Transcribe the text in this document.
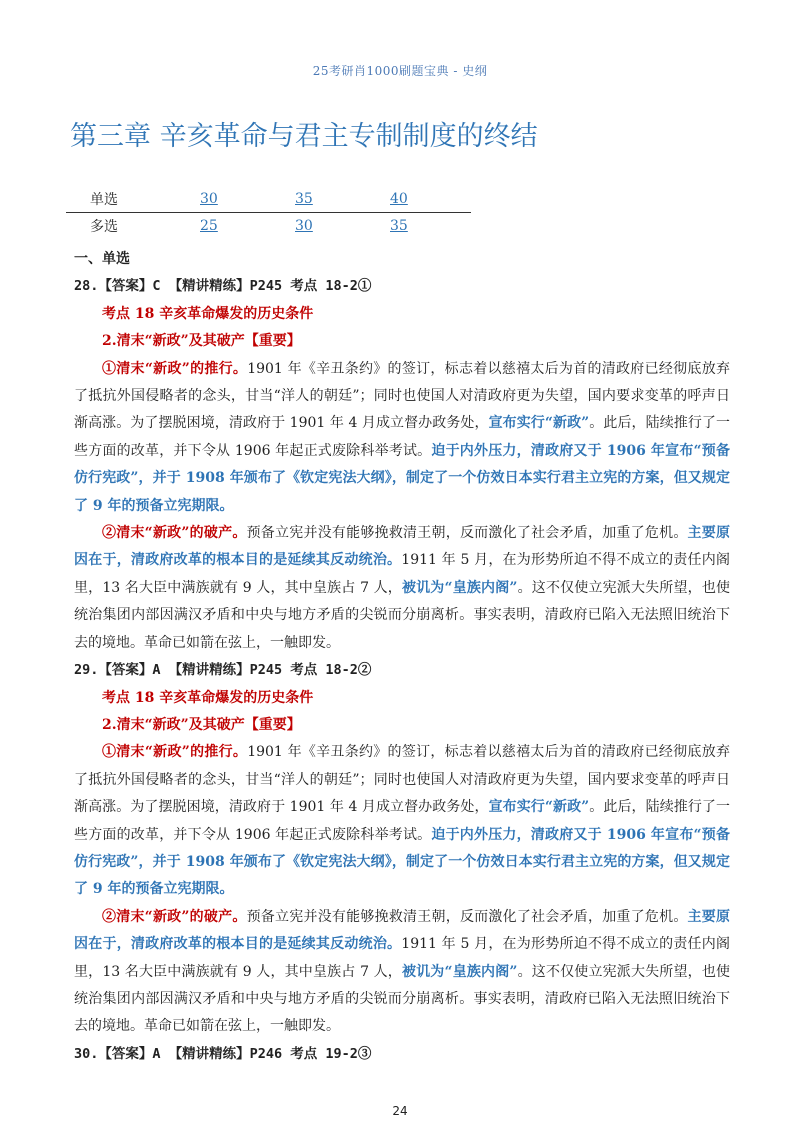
25考研肖1000刷题宝典 - 史纲
第三章 辛亥革命与君主专制制度的终结
单选	30	35	40
多选	25	30	35

一、单选

28.【答案】C 【精讲精练】P245 考点 18-2①

考点 18 辛亥革命爆发的历史条件

2.清末“新政”及其破产【重要】

①清末“新政”的推行。1901 年《辛丑条约》的签订，标志着以慈禧太后为首的清政府已经彻底放弃了抵抗外国侵略者的念头，甘当“洋人的朝廷”；同时也使国人对清政府更为失望，国内要求变革的呼声日渐高涨。为了摆脱困境，清政府于 1901 年 4 月成立督办政务处，宣布实行“新政”。此后，陆续推行了一些方面的改革，并下令从 1906 年起正式废除科举考试。迫于内外压力，清政府又于 1906 年宣布“预备仿行宪政”，并于 1908 年颁布了《钦定宪法大纲》，制定了一个仿效日本实行君主立宪的方案，但又规定了 9 年的预备立宪期限。

②清末“新政”的破产。预备立宪并没有能够挽救清王朝，反而激化了社会矛盾，加重了危机。主要原因在于，清政府改革的根本目的是延续其反动统治。1911 年 5 月，在为形势所迫不得不成立的责任内阁里，13 名大臣中满族就有 9 人，其中皇族占 7 人，被讥为“皇族内阁”。这不仅使立宪派大失所望，也使统治集团内部因满汉矛盾和中央与地方矛盾的尖锐而分崩离析。事实表明，清政府已陷入无法照旧统治下去的境地。革命已如箭在弦上，一触即发。

29.【答案】A 【精讲精练】P245 考点 18-2②

考点 18 辛亥革命爆发的历史条件

2.清末“新政”及其破产【重要】

①清末“新政”的推行。1901 年《辛丑条约》的签订，标志着以慈禧太后为首的清政府已经彻底放弃了抵抗外国侵略者的念头，甘当“洋人的朝廷”；同时也使国人对清政府更为失望，国内要求变革的呼声日渐高涨。为了摆脱困境，清政府于 1901 年 4 月成立督办政务处，宣布实行“新政”。此后，陆续推行了一些方面的改革，并下令从 1906 年起正式废除科举考试。迫于内外压力，清政府又于 1906 年宣布“预备仿行宪政”，并于 1908 年颁布了《钦定宪法大纲》，制定了一个仿效日本实行君主立宪的方案，但又规定了 9 年的预备立宪期限。

②清末“新政”的破产。预备立宪并没有能够挽救清王朝，反而激化了社会矛盾，加重了危机。主要原因在于，清政府改革的根本目的是延续其反动统治。1911 年 5 月，在为形势所迫不得不成立的责任内阁里，13 名大臣中满族就有 9 人，其中皇族占 7 人，被讥为“皇族内阁”。这不仅使立宪派大失所望，也使统治集团内部因满汉矛盾和中央与地方矛盾的尖锐而分崩离析。事实表明，清政府已陷入无法照旧统治下去的境地。革命已如箭在弦上，一触即发。

30.【答案】A 【精讲精练】P246 考点 19-2③

24
